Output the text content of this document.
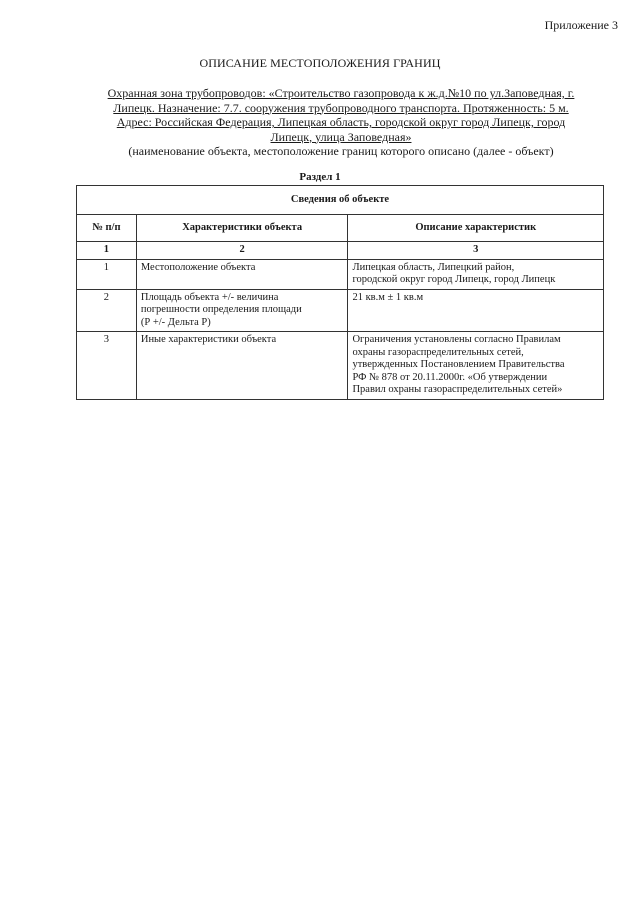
Приложение 3
ОПИСАНИЕ МЕСТОПОЛОЖЕНИЯ ГРАНИЦ
Охранная зона трубопроводов: «Строительство газопровода к ж.д.№10 по ул.Заповедная, г.
Липецк. Назначение: 7.7. сооружения трубопроводного транспорта. Протяженность: 5 м.
Адрес: Российская Федерация, Липецкая область, городской округ город Липецк, город
Липецк, улица Заповедная»
(наименование объекта, местоположение границ которого описано (далее - объект)
Раздел 1
Сведения об объекте		
№ п/п	Характеристики объекта	Описание характеристик
1	2	3
1	Местоположение объекта	Липецкая область, Липецкий район,
городской округ город Липецк, город Липецк

2	Площадь объекта +/- величина
погрешности определения площади
(Р +/- Дельта Р)	21 кв.м ± 1 кв.м

3	Иные характеристики объекта	Ограничения установлены согласно Правилам
охраны газораспределительных сетей,
утвержденных Постановлением Правительства
РФ № 878 от 20.11.2000г. «Об утверждении
Правил охраны газораспределительных сетей»
